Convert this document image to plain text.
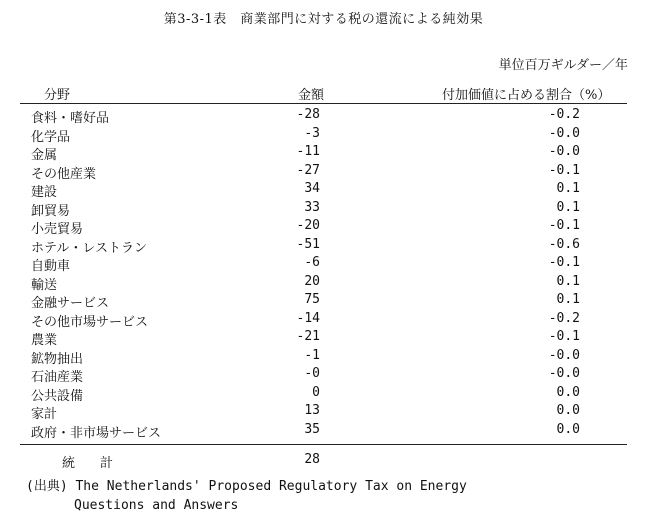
第3-3-1表　商業部門に対する税の還流による純効果
単位百万ギルダー／年
分野	金額	付加価値に占める割合（%）
食料・嗜好品	-28	-0.2
化学品	-3	-0.0
金属	-11	-0.0
その他産業	-27	-0.1
建設	34	0.1
卸貿易	33	0.1
小売貿易	-20	-0.1
ホテル・レストラン	-51	-0.6
自動車	-6	-0.1
輸送	20	0.1
金融サービス	75	0.1
その他市場サービス	-14	-0.2
農業	-21	-0.1
鉱物抽出	-1	-0.0
石油産業	-0	-0.0
公共設備	0	0.0
家計	13	0.0
政府・非市場サービス	35	0.0
統　計	28
(出典) The Netherlands' Proposed Regulatory Tax on Energy
Questions and Answers
